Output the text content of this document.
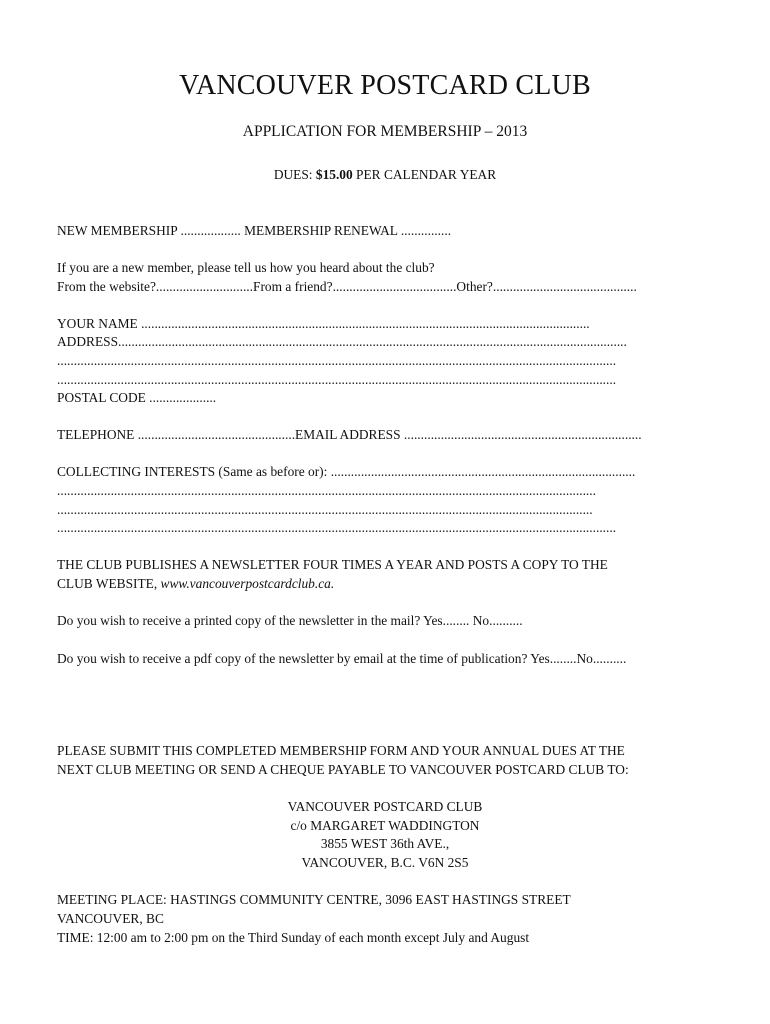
VANCOUVER POSTCARD CLUB
APPLICATION FOR MEMBERSHIP – 2013
DUES: $15.00 PER CALENDAR YEAR
NEW MEMBERSHIP .................. MEMBERSHIP RENEWAL ...............
If you are a new member, please tell us how you heard about the club?
From the website?.............................From a friend?.....................................Other?...........................................
YOUR NAME ......................................................................................................................................
ADDRESS........................................................................................................................................................
.......................................................................................................................................................................
.......................................................................................................................................................................
POSTAL CODE ....................
TELEPHONE ...............................................EMAIL ADDRESS .......................................................................
COLLECTING INTERESTS (Same as before or): ...........................................................................................
.................................................................................................................................................................
................................................................................................................................................................
.......................................................................................................................................................................
THE CLUB PUBLISHES A NEWSLETTER FOUR TIMES A YEAR AND POSTS A COPY TO THE
CLUB WEBSITE, www.vancouverpostcardclub.ca.
Do you wish to receive a printed copy of the newsletter in the mail? Yes........ No..........
Do you wish to receive a pdf copy of the newsletter by email at the time of publication? Yes........No..........
PLEASE SUBMIT THIS COMPLETED MEMBERSHIP FORM AND YOUR ANNUAL DUES AT THE
NEXT CLUB MEETING OR SEND A CHEQUE PAYABLE TO VANCOUVER POSTCARD CLUB TO:
VANCOUVER POSTCARD CLUB
c/o MARGARET WADDINGTON
3855 WEST 36th AVE.,
VANCOUVER, B.C. V6N 2S5
MEETING PLACE: HASTINGS COMMUNITY CENTRE, 3096 EAST HASTINGS STREET
VANCOUVER, BC
TIME: 12:00 am to 2:00 pm on the Third Sunday of each month except July and August
